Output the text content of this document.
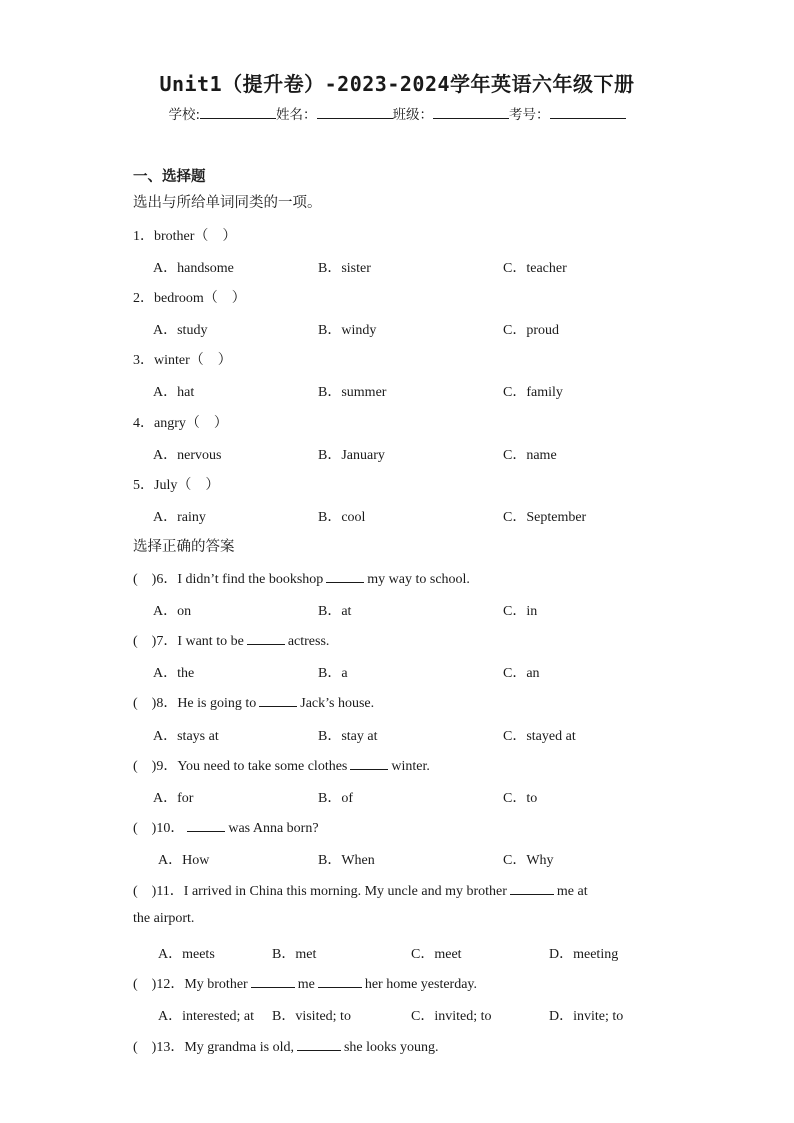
Unit1（提升卷）-2023-2024学年英语六年级下册
学校:	姓名：	班级：	考号：
一、选择题
选出与所给单词同类的一项。
1．brother（　）
A．handsome	B．sister	C．teacher
2．bedroom（　）
A．study	B．windy	C．proud
3．winter（　）
A．hat	B．summer	C．family
4．angry（　）
A．nervous	B．January	C．name
5．July（　）
A．rainy	B．cool	C．September
选择正确的答案
(　)6．I didn’t find the bookshop	my way to school.
A．on	B．at	C．in
(　)7．I want to be	actress.
A．the	B．a	C．an
(　)8．He is going to	Jack’s house.
A．stays at	B．stay at	C．stayed at
(　)9．You need to take some clothes	winter.
A．for	B．of	C．to
(　)10．	was Anna born?
A．How	B．When	C．Why
(　)11．I arrived in China this morning. My uncle and my brother	me at
the airport.
A．meets	B．met	C．meet	D．meeting
(　)12．My brother	me	her home yesterday.
A．interested; at B．visited; to	C．invited; to	D．invite; to
(　)13．My grandma is old,	she looks young.
